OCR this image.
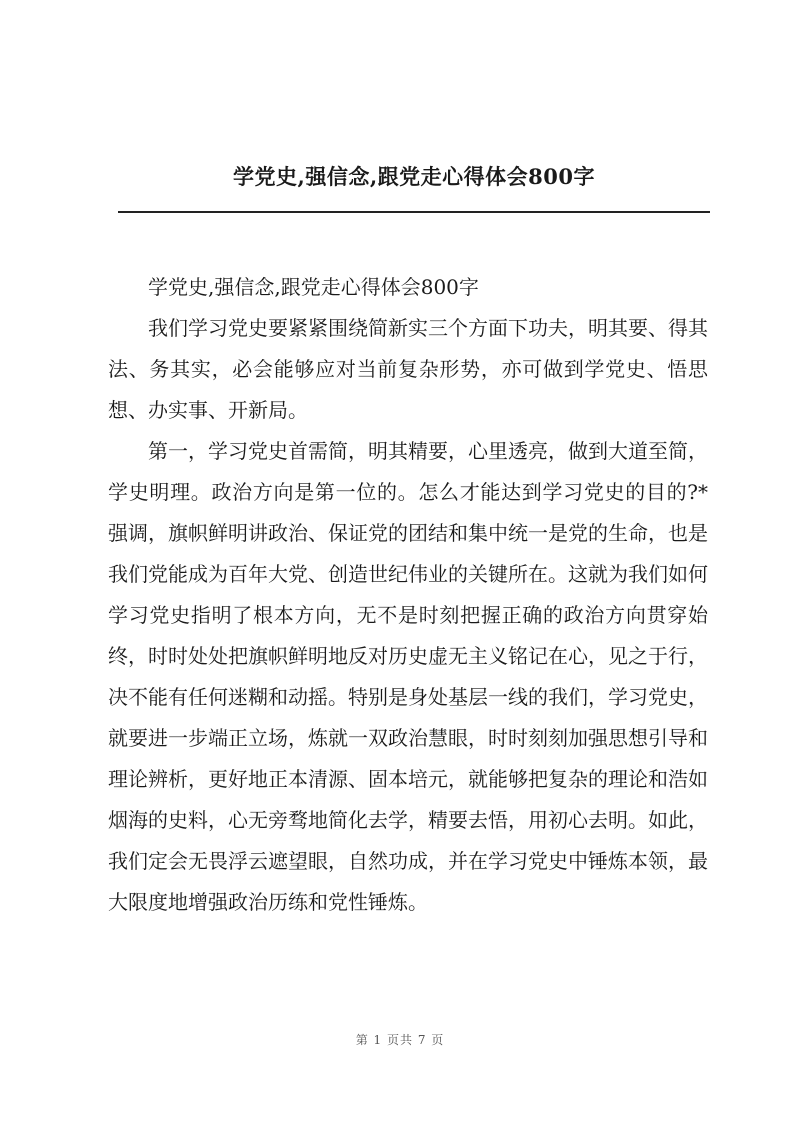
学党史,强信念,跟党走心得体会800字

学党史,强信念,跟党走心得体会800字

我们学习党史要紧紧围绕简新实三个方面下功夫，明其要、得其法、务其实，必会能够应对当前复杂形势，亦可做到学党史、悟思想、办实事、开新局。

第一，学习党史首需简，明其精要，心里透亮，做到大道至简，学史明理。政治方向是第一位的。怎么才能达到学习党史的目的?*强调，旗帜鲜明讲政治、保证党的团结和集中统一是党的生命，也是我们党能成为百年大党、创造世纪伟业的关键所在。这就为我们如何学习党史指明了根本方向，无不是时刻把握正确的政治方向贯穿始终，时时处处把旗帜鲜明地反对历史虚无主义铭记在心，见之于行，决不能有任何迷糊和动摇。特别是身处基层一线的我们，学习党史，就要进一步端正立场，炼就一双政治慧眼，时时刻刻加强思想引导和理论辨析，更好地正本清源、固本培元，就能够把复杂的理论和浩如烟海的史料，心无旁骛地简化去学，精要去悟，用初心去明。如此，我们定会无畏浮云遮望眼，自然功成，并在学习党史中锤炼本领，最大限度地增强政治历练和党性锤炼。

第 1 页共 7 页
